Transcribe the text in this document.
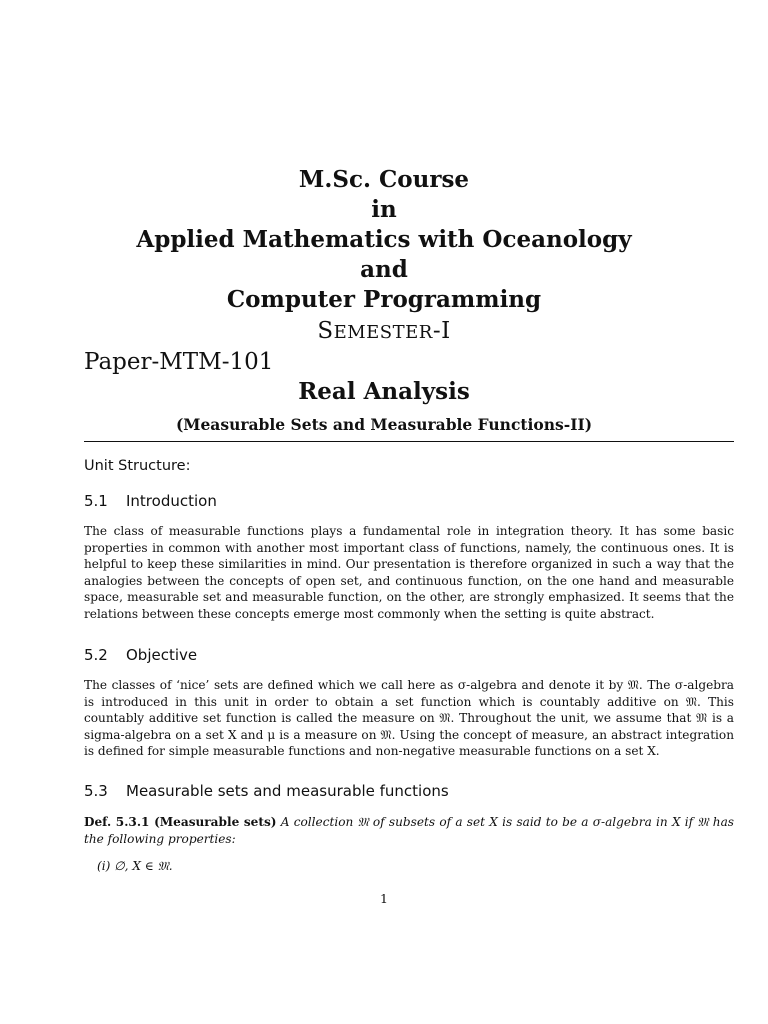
M.Sc. Course
in
Applied Mathematics with Oceanology
and
Computer Programming
SEMESTER-I
Paper-MTM-101
Real Analysis
(Measurable Sets and Measurable Functions-II)
Unit Structure:
5.1 Introduction
The class of measurable functions plays a fundamental role in integration theory. It has some basic properties in common with another most important class of functions, namely, the continuous ones. It is helpful to keep these similarities in mind. Our presentation is therefore organized in such a way that the analogies between the concepts of open set, and continuous function, on the one hand and measurable space, measurable set and measurable function, on the other, are strongly emphasized. It seems that the relations between these concepts emerge most commonly when the setting is quite abstract.
5.2 Objective
The classes of ‘nice’ sets are defined which we call here as σ-algebra and denote it by 𝔐. The σ-algebra is introduced in this unit in order to obtain a set function which is countably additive on 𝔐. This countably additive set function is called the measure on 𝔐. Throughout the unit, we assume that 𝔐 is a sigma-algebra on a set X and μ is a measure on 𝔐. Using the concept of measure, an abstract integration is defined for simple measurable functions and non-negative measurable functions on a set X.
5.3 Measurable sets and measurable functions
Def. 5.3.1 (Measurable sets) A collection 𝔐 of subsets of a set X is said to be a σ-algebra in X if 𝔐 has the following properties:
(i) ∅, X ∈ 𝔐.
1
